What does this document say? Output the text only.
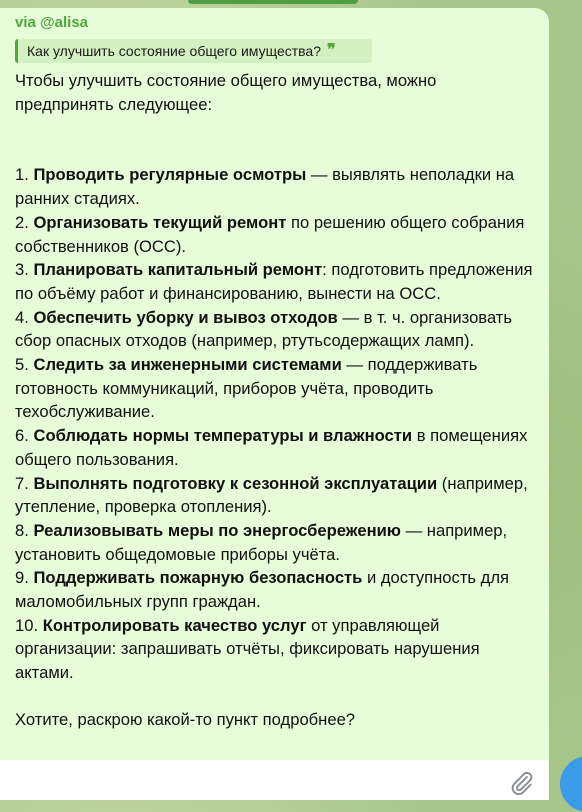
via @alisa
Как улучшить состояние общего имущества? ❞

Чтобы улучшить состояние общего имущества, можно предпринять следующее:

1. Проводить регулярные осмотры — выявлять неполадки на ранних стадиях.

2. Организовать текущий ремонт по решению общего собрания собственников (ОСС).

3. Планировать капитальный ремонт: подготовить предложения по объёму работ и финансированию, вынести на ОСС.

4. Обеспечить уборку и вывоз отходов — в т. ч. организовать сбор опасных отходов (например, ртутьсодержащих ламп).

5. Следить за инженерными системами — поддерживать готовность коммуникаций, приборов учёта, проводить техобслуживание.

6. Соблюдать нормы температуры и влажности в помещениях общего пользования.

7. Выполнять подготовку к сезонной эксплуатации (например, утепление, проверка отопления).

8. Реализовывать меры по энергосбережению — например, установить общедомовые приборы учёта.

9. Поддерживать пожарную безопасность и доступность для маломобильных групп граждан.

10. Контролировать качество услуг от управляющей организации: запрашивать отчёты, фиксировать нарушения актами.

Хотите, раскрою какой-то пункт подробнее?
